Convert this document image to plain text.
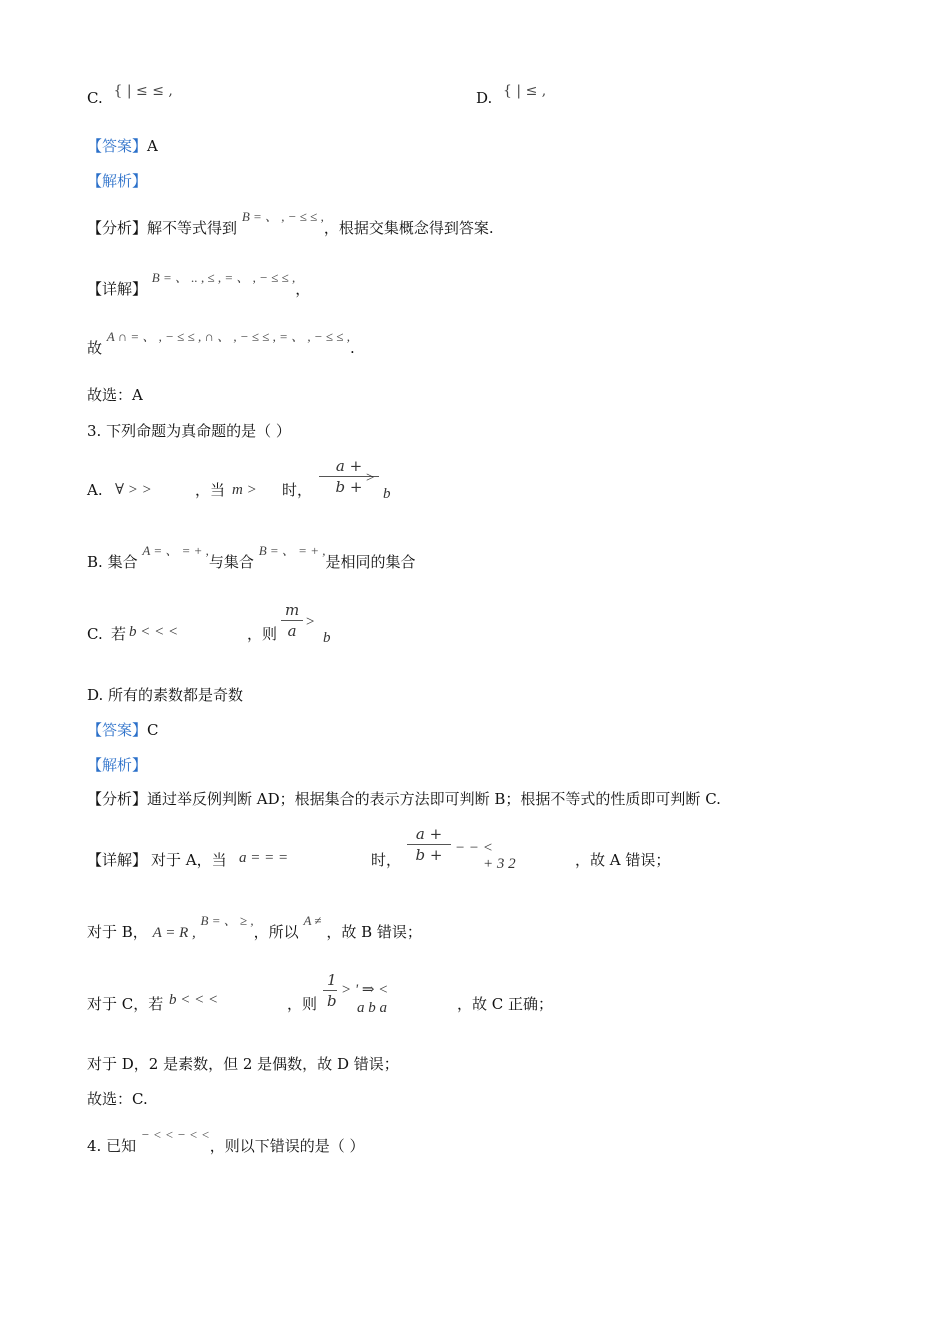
C. { | ≤ ≤ ,	D. { | ≤ ,
【答案】A
【解析】
【分析】解不等式得到 B = 、 , − ≤ ≤ ,，根据交集概念得到答案.
【详解】 B = 、 .. , ≤ , = 、 , − ≤ ≤ ,，
故 A ∩ = 、 , − ≤ ≤ , ∩ 、 , − ≤ ≤ , = 、 , − ≤ ≤ ,.
故选：A
3. 下列命题为真命题的是（ ）
A. ∀ > >	，当 m > 时，
a +
b + >
b
B. 集合 A = 、 = + ,与集合 B = 、 = + ,是相同的集合
C. 若 b < < <	，则
m
a >
b
D. 所有的素数都是奇数
【答案】C
【解析】
【分析】通过举反例判断 AD；根据集合的表示方法即可判断 B；根据不等式的性质即可判断 C.
【详解】 对于 A，当 a = = =	时，
a +
b + − − <
+ 3 2	，故 A 错误；
对于 B， A = R , B = 、 ≥ ,，所以 A ≠ ，故 B 错误；
对于 C，若 b < < <	，则
1
b
> ' ⇒ <
a b a	，故 C 正确；
对于 D，2 是素数，但 2 是偶数，故 D 错误；
故选：C.
4. 已知 − < < − < <，则以下错误的是（ ）
